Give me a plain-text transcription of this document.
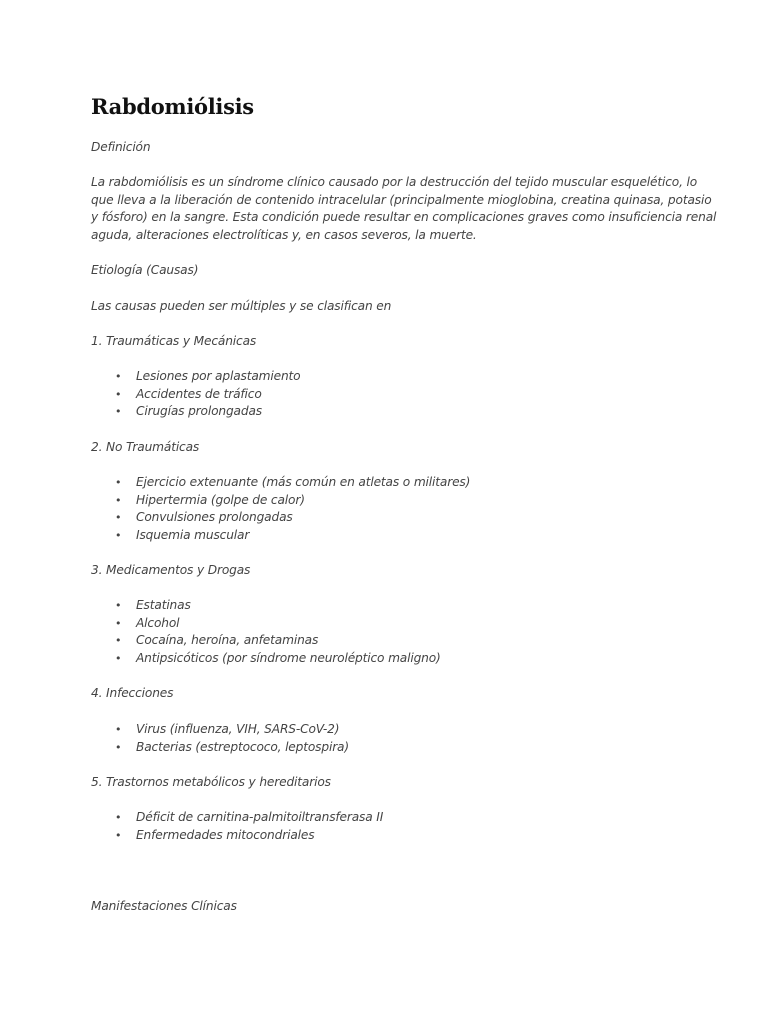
Rabdomiólisis

Definición

La rabdomiólisis es un síndrome clínico causado por la destrucción del tejido muscular esquelético, lo

que lleva a la liberación de contenido intracelular (principalmente mioglobina, creatina quinasa, potasio

y fósforo) en la sangre. Esta condición puede resultar en complicaciones graves como insuficiencia renal

aguda, alteraciones electrolíticas y, en casos severos, la muerte.

Etiología (Causas)

Las causas pueden ser múltiples y se clasifican en

1. Traumáticas y Mecánicas

• Lesiones por aplastamiento
• Accidentes de tráfico
• Cirugías prolongadas

2. No Traumáticas

• Ejercicio extenuante (más común en atletas o militares)
• Hipertermia (golpe de calor)
• Convulsiones prolongadas
• Isquemia muscular

3. Medicamentos y Drogas

• Estatinas
• Alcohol
• Cocaína, heroína, anfetaminas
• Antipsicóticos (por síndrome neuroléptico maligno)

4. Infecciones

• Virus (influenza, VIH, SARS-CoV-2)
• Bacterias (estreptococo, leptospira)

5. Trastornos metabólicos y hereditarios

• Déficit de carnitina-palmitoiltransferasa II
• Enfermedades mitocondriales

Manifestaciones Clínicas
